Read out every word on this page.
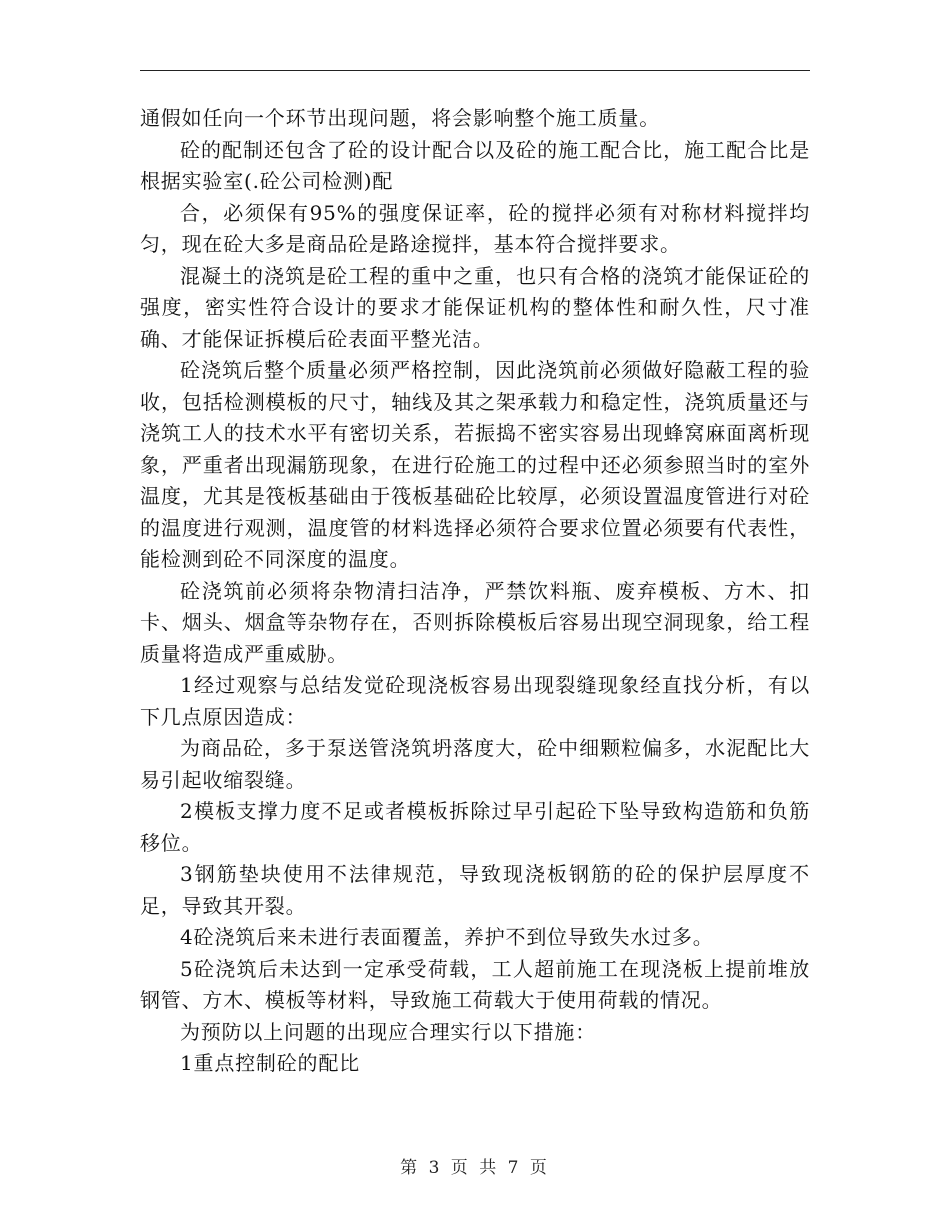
通假如任向一个环节出现问题，将会影响整个施工质量。

砼的配制还包含了砼的设计配合以及砼的施工配合比，施工配合比是根据实验室(.砼公司检测)配

合，必须保有95%的强度保证率，砼的搅拌必须有对称材料搅拌均匀，现在砼大多是商品砼是路途搅拌，基本符合搅拌要求。

混凝土的浇筑是砼工程的重中之重，也只有合格的浇筑才能保证砼的强度，密实性符合设计的要求才能保证机构的整体性和耐久性，尺寸准确、才能保证拆模后砼表面平整光洁。

砼浇筑后整个质量必须严格控制，因此浇筑前必须做好隐蔽工程的验收，包括检测模板的尺寸，轴线及其之架承载力和稳定性，浇筑质量还与浇筑工人的技术水平有密切关系，若振捣不密实容易出现蜂窝麻面离析现象，严重者出现漏筋现象，在进行砼施工的过程中还必须参照当时的室外温度，尤其是筏板基础由于筏板基础砼比较厚，必须设置温度管进行对砼的温度进行观测，温度管的材料选择必须符合要求位置必须要有代表性，能检测到砼不同深度的温度。

砼浇筑前必须将杂物清扫洁净，严禁饮料瓶、废弃模板、方木、扣卡、烟头、烟盒等杂物存在，否则拆除模板后容易出现空洞现象，给工程质量将造成严重威胁。

1经过观察与总结发觉砼现浇板容易出现裂缝现象经直找分析，有以下几点原因造成：

为商品砼，多于泵送管浇筑坍落度大，砼中细颗粒偏多，水泥配比大易引起收缩裂缝。

2模板支撑力度不足或者模板拆除过早引起砼下坠导致构造筋和负筋移位。

3钢筋垫块使用不法律规范，导致现浇板钢筋的砼的保护层厚度不足，导致其开裂。

4砼浇筑后来未进行表面覆盖，养护不到位导致失水过多。

5砼浇筑后未达到一定承受荷载，工人超前施工在现浇板上提前堆放钢管、方木、模板等材料，导致施工荷载大于使用荷载的情况。

为预防以上问题的出现应合理实行以下措施：

1重点控制砼的配比

第 3 页 共 7 页
